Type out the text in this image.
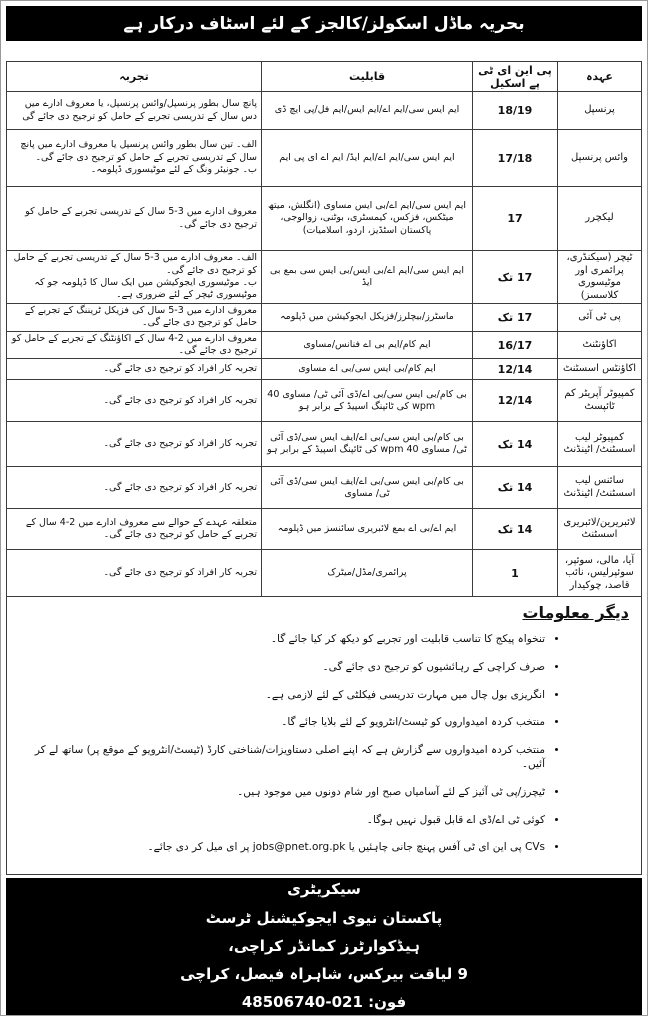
بحریہ ماڈل اسکولز/کالجز کے لئے اسٹاف درکار ہے
عہدہ	پی این ای ٹی پے اسکیل	قابلیت	تجربہ
پرنسپل	18/19	ایم ایس سی/ایم اے/ایم ایس/ایم فل/پی ایچ ڈی	پانچ سال بطور پرنسپل/وائس پرنسپل، یا معروف ادارے میں دس سال کے تدریسی تجربے کے حامل کو ترجیح دی جائے گی

وائس پرنسپل	17/18	ایم ایس سی/ایم اے/ایم ایڈ/ ایم اے ای پی ایم	الف۔ تین سال بطور وائس پرنسپل یا معروف ادارے میں پانچ سال کے تدریسی تجربے کے حامل کو ترجیح دی جائے گی۔
ب۔ جونیئر ونگ کے لئے موٹیسوری ڈپلومہ۔

لیکچرر	17	ایم ایس سی/ایم اے/بی ایس مساوی (انگلش، میتھ میٹکس، فزکس، کیمسٹری، بوٹنی، زوالوجی، پاکستان اسٹڈیز، اردو، اسلامیات)	معروف ادارے میں 3-5 سال کے تدریسی تجربے کے حامل کو ترجیح دی جائے گی۔

ٹیچر (سیکنڈری، پرائمری اور موٹیسوری کلاسسز)	17 تک	ایم ایس سی/ایم اے/بی ایس/بی ایس سی بمع بی ایڈ	الف۔ معروف ادارے میں 3-5 سال کے تدریسی تجربے کے حامل کو ترجیح دی جائے گی۔
ب۔ موٹیسوری ایجوکیشن میں ایک سال کا ڈپلومہ جو کہ موٹیسوری ٹیچر کے لئے ضروری ہے۔

پی ٹی آئی	17 تک	ماسٹرز/بیچلرز/فزیکل ایجوکیشن میں ڈپلومہ	معروف ادارے میں 3-5 سال کی فزیکل ٹریننگ کے تجربے کے حامل کو ترجیح دی جائے گی۔

اکاؤنٹنٹ	16/17	ایم کام/ایم بی اے فنانس/مساوی	معروف ادارے میں 2-4 سال کے اکاؤنٹنگ کے تجربے کے حامل کو ترجیح دی جائے گی۔

اکاؤنٹس اسسٹنٹ	12/14	ایم کام/بی ایس سی/بی اے مساوی	تجربہ کار افراد کو ترجیح دی جائے گی۔

کمپیوٹر آپریٹر کم ٹائپسٹ	12/14	بی کام/بی ایس سی/بی اے/ڈی آئی ٹی/ مساوی 40 wpm کی ٹائپنگ اسپیڈ کے برابر ہو	تجربہ کار افراد کو ترجیح دی جائے گی۔

کمپیوٹر لیب اسسٹنٹ/ اٹینڈنٹ	14 تک	بی کام/بی ایس سی/بی اے/ایف ایس سی/ڈی آئی ٹی/ مساوی 40 wpm کی ٹائپنگ اسپیڈ کے برابر ہو	تجربہ کار افراد کو ترجیح دی جائے گی۔

سائنس لیب اسسٹنٹ/ اٹینڈنٹ	14 تک	بی کام/بی ایس سی/بی اے/ایف ایس سی/ڈی آئی ٹی/ مساوی	تجربہ کار افراد کو ترجیح دی جائے گی۔

لائبریرین/لائبریری اسسٹنٹ	14 تک	ایم اے/بی اے بمع لائبریری سائنسز میں ڈپلومہ	متعلقہ عہدے کے حوالے سے معروف ادارے میں 2-4 سال کے تجربے کے حامل کو ترجیح دی جائے گی۔

آیا، مالی، سوئپر، سوئپرلیس، نائب قاصد، چوکیدار	1	پرائمری/مڈل/میٹرک	تجربہ کار افراد کو ترجیح دی جائے گی۔
دیگر معلومات
• تنخواہ پیکج کا تناسب قابلیت اور تجربے کو دیکھ کر کیا جائے گا۔
• صرف کراچی کے رہائشیوں کو ترجیح دی جائے گی۔
• انگریزی بول چال میں مہارت تدریسی فیکلٹی کے لئے لازمی ہے۔
• منتخب کردہ امیدواروں کو ٹیسٹ/انٹرویو کے لئے بلایا جائے گا۔
• منتخب کردہ امیدواروں سے گزارش ہے کہ اپنے اصلی دستاویزات/شناختی کارڈ (ٹیسٹ/انٹرویو کے موقع پر) ساتھ لے کر آئیں۔
• ٹیچرز/پی ٹی آئیز کے لئے آسامیاں صبح اور شام دونوں میں موجود ہیں۔
• کوئی ٹی اے/ڈی اے قابل قبول نہیں ہوگا۔
• CVs پی این ای ٹی آفس پہنچ جانی چاہئیں یا jobs@pnet.org.pk پر ای میل کر دی جائے۔
سیکریٹری
پاکستان نیوی ایجوکیشنل ٹرسٹ
ہیڈکوارٹرز کمانڈر کراچی،
9 لیاقت بیرکس، شاہراہ فیصل، کراچی
فون: 021-48506740
